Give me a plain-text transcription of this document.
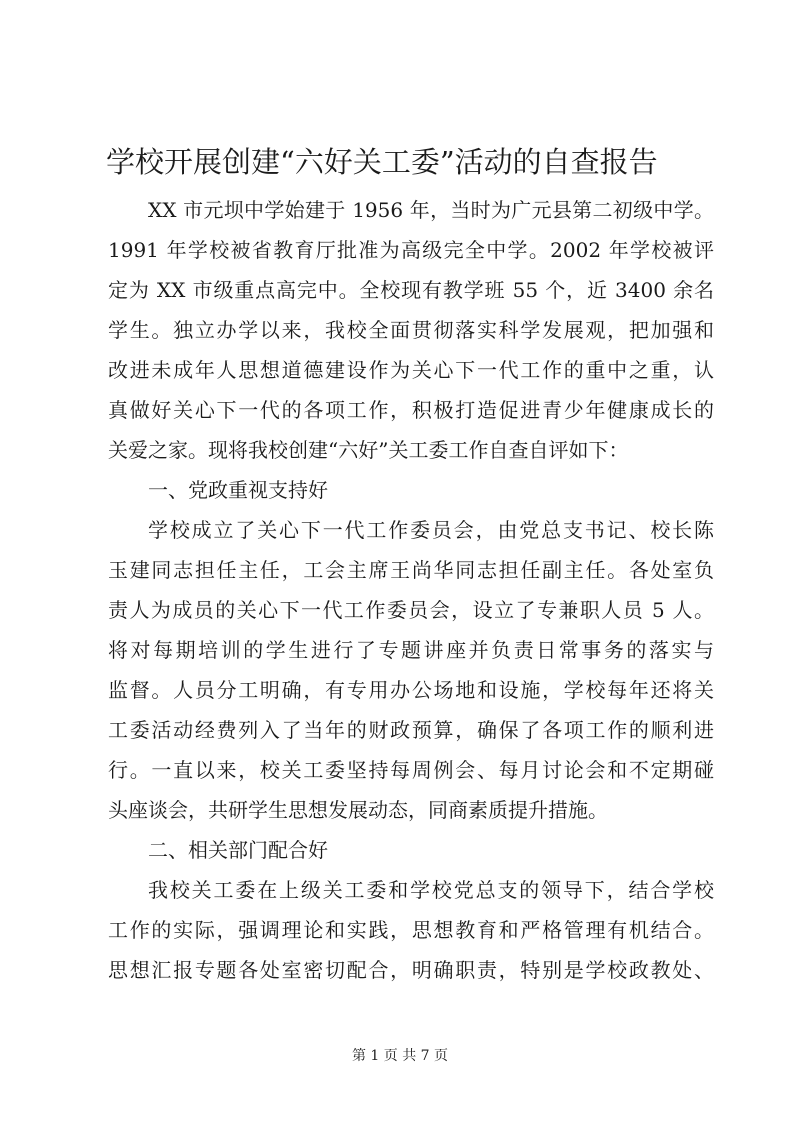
学校开展创建“六好关工委”活动的自查报告
XX 市元坝中学始建于 1956 年，当时为广元县第二初级中学。
1991 年学校被省教育厅批准为高级完全中学。2002 年学校被评
定为 XX 市级重点高完中。全校现有教学班 55 个，近 3400 余名
学生。独立办学以来，我校全面贯彻落实科学发展观，把加强和
改进未成年人思想道德建设作为关心下一代工作的重中之重，认
真做好关心下一代的各项工作，积极打造促进青少年健康成长的
关爱之家。现将我校创建“六好”关工委工作自查自评如下：
一、党政重视支持好
学校成立了关心下一代工作委员会，由党总支书记、校长陈
玉建同志担任主任，工会主席王尚华同志担任副主任。各处室负
责人为成员的关心下一代工作委员会，设立了专兼职人员 5 人。
将对每期培训的学生进行了专题讲座并负责日常事务的落实与
监督。人员分工明确，有专用办公场地和设施，学校每年还将关
工委活动经费列入了当年的财政预算，确保了各项工作的顺利进
行。一直以来，校关工委坚持每周例会、每月讨论会和不定期碰
头座谈会，共研学生思想发展动态，同商素质提升措施。
二、相关部门配合好
我校关工委在上级关工委和学校党总支的领导下，结合学校
工作的实际，强调理论和实践，思想教育和严格管理有机结合。
思想汇报专题各处室密切配合，明确职责，特别是学校政教处、
第 1 页 共 7 页
